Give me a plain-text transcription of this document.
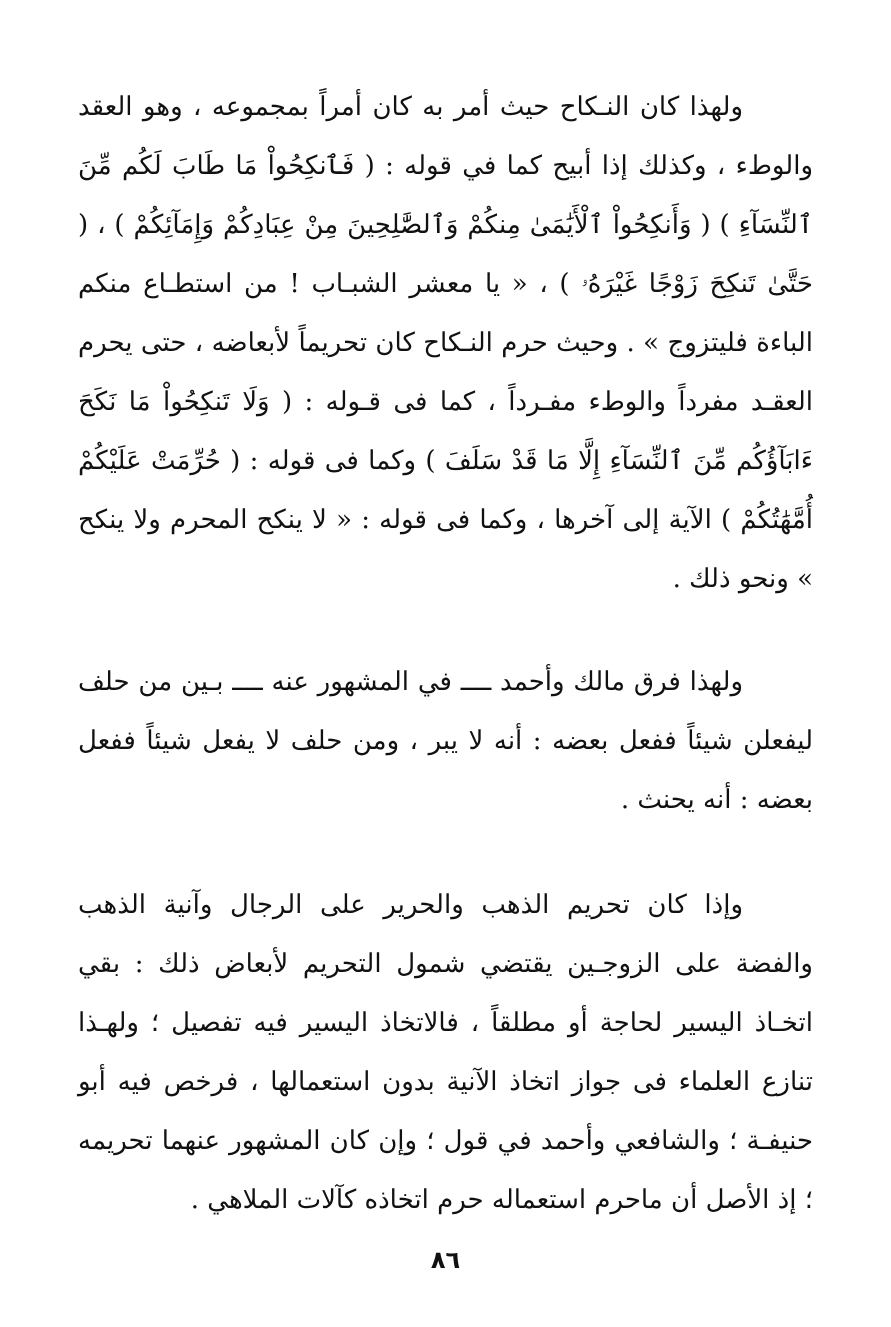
ولهذا كان النـكاح حيث أمر به كان أمراً بمجموعه ، وهو العقد والوطء ، وكذلك إذا أبيح كما في قوله : ( فَٱنكِحُواْ مَا طَابَ لَكُم مِّنَ ٱلنِّسَآءِ ) ( وَأَنكِحُواْ ٱلْأَيَٰمَىٰ مِنكُمْ وَٱلصَّٰلِحِينَ مِنْ عِبَادِكُمْ وَإِمَآئِكُمْ ) ، ( حَتَّىٰ تَنكِحَ زَوْجًا غَيْرَهُۥ ) ، « يا معشر الشبـاب ! من استطـاع منكم الباءة فليتزوج » . وحيث حرم النـكاح كان تحريماً لأبعاضه ، حتى يحرم العقـد مفرداً والوطء مفـرداً ، كما فى قـوله : ( وَلَا تَنكِحُواْ مَا نَكَحَ ءَابَآؤُكُم مِّنَ ٱلنِّسَآءِ إِلَّا مَا قَدْ سَلَفَ ) وكما فى قوله : ( حُرِّمَتْ عَلَيْكُمْ أُمَّهَٰتُكُمْ ) الآية إلى آخرها ، وكما فى قوله : « لا ينكح المحرم ولا ينكح » ونحو ذلك .

ولهذا فرق مالك وأحمد ــــ في المشهور عنه ــــ بـين من حلف ليفعلن شيئاً ففعل بعضه : أنه لا يبر ، ومن حلف لا يفعل شيئاً ففعل بعضه : أنه يحنث .

وإذا كان تحريم الذهب والحرير على الرجال وآنية الذهب والفضة على الزوجـين يقتضي شمول التحريم لأبعاض ذلك : بقي اتخـاذ اليسير لحاجة أو مطلقاً ، فالاتخاذ اليسير فيه تفصيل ؛ ولهـذا تنازع العلماء فى جواز اتخاذ الآنية بدون استعمالها ، فرخص فيه أبو حنيفـة ؛ والشافعي وأحمد في قول ؛ وإن كان المشهور عنهما تحريمه ؛ إذ الأصل أن ماحرم استعماله حرم اتخاذه كآلات الملاهي .

٨٦
